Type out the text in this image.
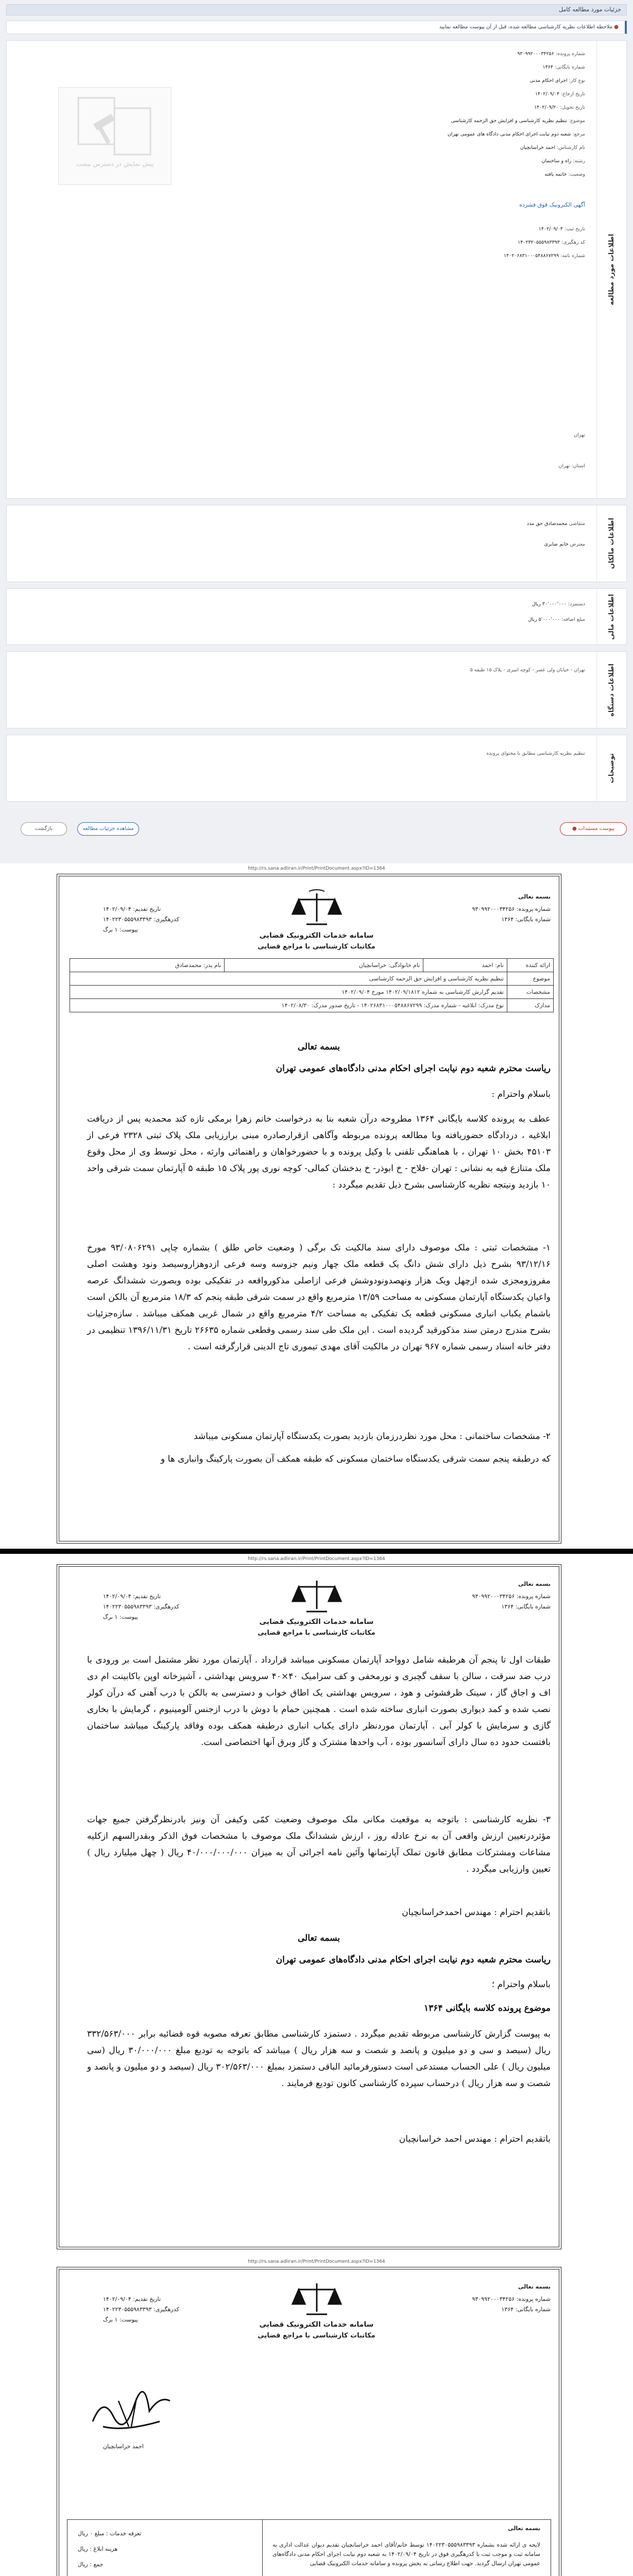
جزئیات مورد مطالعه کامل
● ملاحظه اطلاعات نظریه کارشناسی مطالعه شده، قبل از آن پیوست مطالعه نمایید
اطلاعات مورد مطالعه
شماره پرونده: ۹۳۰۹۹۲۰۰۰۳۴۲۵۶
شماره بایگانی: ۱۳۶۴
نوع کار: اجرای احکام مدنی
تاریخ ارجاع: ۱۴۰۲/۰۹/۰۴
تاریخ تحویل: ۱۴۰۲/۰۹/۲۰
موضوع: تنظیم نظریه کارشناسی و افزایش حق الزحمه کارشناسی
مرجع: شعبه دوم نیابت اجرای احکام مدنی دادگاه های عمومی تهران
نام کارشناس: احمد خراسانچیان
رشته: راه و ساختمان
وضعیت: خاتمه یافته
آگهی الکترونیک فوق فشرده
پیش نمایش در دسترس نیست
تاریخ ثبت: ۱۴۰۲/۰۹/۰۴
کد رهگیری: ۱۴۰۲۳۲۰۵۵۵۹۸۳۳۹۳
شماره نامه: ۱۴۰۲۰۶۸۳۱۰۰۰۵۴۸۸۶۷۲۹۹
تهران
استان: تهران
اطلاعات مالکان
متقاضی محمدصادق حق مدد
معترض خانم صابری
اطلاعات مالی
دستمزد: ۳۰٬۰۰۰٬۰۰۰ ریال
مبلغ اضافه: ۵٬۰۰۰٬۰۰۰ ریال
اطلاعات دستگاه
تهران - خیابان ولی عصر - کوچه امیری - پلاک ۱۵ طبقه ۵
توضیحات
تنظیم نظریه کارشناسی مطابق با محتوای پرونده
پیوست مستندات ●
مشاهده جزئیات مطالعه
بازگشت
http://rs.sana.adliran.ir/Print/PrintDocument.aspx?ID=1364
بسمه تعالی
شماره پرونده: ۹۳۰۹۹۲۰۰۰۳۴۲۵۶
شماره بایگانی: ۱۳۶۴
سامانه خدمات الکترونیک قضایی
مکاتبات کارشناسی با مراجع قضایی
تاریخ تقدیم: ۱۴۰۲/۰۹/۰۴
کدرهگیری: ۱۴۰۲۲۳۰۵۵۵۹۸۳۳۹۳
پیوست: ۱ برگ
ارائه کننده	نام: احمد	نام خانوادگی: خراسانچیان	نام پدر: محمدصادق
موضوع	تنظیم نظریه کارشناسی و افزایش حق الزحمه کارشناسی		
مشخصات	تقدیم گزارش کارشناسی به شماره ۱۴۰۲/۰۹/۱۸۱۲ مورخ ۱۴۰۲/۰۹/۰۴		
مدارک	نوع مدرک: ابلاغیه - شماره مدرک: ۱۴۰۲۶۸۳۱۰۰۰۵۴۸۸۶۷۲۹۹ - تاریخ صدور مدرک: ۱۴۰۲/۰۸/۳۰		
بسمه تعالی
ریاست محترم شعبه دوم نیابت اجرای احکام مدنی دادگاه‌های عمومی تهران
باسلام واحترام :
عطف به پرونده کلاسه بایگانی ۱۳۶۴ مطروحه درآن شعبه بنا به درخواست خانم زهرا برمکی تازه کند محمدیه پس از دریافت ابلاغیه ، دردادگاه حضوریافته وبا مطالعه پرونده مربوطه وآگاهی ازقرارصادره مبنی برارزیابی ملک پلاک ثبتی ۲۳۲۸ فرعی از ۴۵۱۰۳ بخش ۱۰ تهران ، با هماهنگی تلفنی با وکیل پرونده و با حضورخواهان و راهنمائی وارثه ، محل توسط وی از محل وقوع ملک متنازع فیه به نشانی : تهران -فلاح - خ ابوذر- خ بدخشان کمالی- کوچه نوری پور پلاک ۱۵ طبقه ۵ آپارتمان سمت شرقی واحد ۱۰ بازدید ونیتجه نظریه کارشناسی بشرح ذیل تقدیم میگردد :
۱- مشخصات ثبتی : ملک موصوف دارای سند مالکیت تک برگی ( وضعیت خاص طلق ) بشماره چاپی ۹۳/۰۸۰۶۲۹۱ مورخ ۹۳/۱۲/۱۶ بشرح ذیل دارای شش دانگ یک قطعه ملک چهار ونیم جزوسه وسه فرعی ازدوهزاروسیصد ونود وهشت اصلی مفروزومجزی شده ازچهل ویک هزار ونهصدونودوشش فرعی ازاصلی مذکورواقعه در تفکیکی بوده وبصورت ششدانگ عرصه واعیان یکدستگاه آپارتمان مسکونی به مساحت ۱۳/۵۹ مترمربع واقع در سمت شرقی طبقه پنجم که ۱۸/۳ مترمربع آن بالکن است باشمام یکباب انباری مسکونی قطعه یک تفکیکی به مساحت ۴/۲ مترمربع واقع در شمال غربی همکف میباشد . سازه‌جزئیات بشرح مندرج درمتن سند مذکورقید گردیده است . این ملک طی سند رسمی وقطعی شماره ۲۶۶۳۵ تاریخ ۱۳۹۶/۱۱/۳۱ تنظیمی در دفتر خانه اسناد رسمی شماره ۹۶۷ تهران در مالکیت آقای مهدی تیموری تاج الدینی قرارگرفته است .
۲- مشخصات ساختمانی : محل مورد نظردرزمان بازدید بصورت یکدستگاه آپارتمان مسکونی میباشد
که درطبقه پنجم سمت شرقی یکدستگاه ساختمان مسکونی که طبقه همکف آن بصورت پارکینگ وانباری ها و
http://rs.sana.adliran.ir/Print/PrintDocument.aspx?ID=1364
بسمه تعالی
شماره پرونده: ۹۳۰۹۹۲۰۰۰۳۴۲۵۶
شماره بایگانی: ۱۳۶۴
سامانه خدمات الکترونیک قضایی
مکاتبات کارشناسی با مراجع قضایی
تاریخ تقدیم: ۱۴۰۲/۰۹/۰۴
کدرهگیری: ۱۴۰۲۲۳۰۵۵۵۹۸۳۳۹۳
پیوست: ۱ برگ
طبقات اول تا پنجم آن هرطبقه شامل دوواحد آپارتمان مسکونی میباشد قرارداد . آپارتمان مورد نظر مشتمل است بر ورودی با درب ضد سرقت ، سالن با سقف گچبری و نورمخفی و کف سرامیک ۴۰×۴۰ سرویس بهداشتی ، آشپزخانه اوپن باکابینت ام دی اف و اجاق گاز ، سینک ظرفشوئی و هود ، سرویس بهداشتی یک اطاق خواب و دسترسی به بالکن با درب آهنی که درآن کولر نصب شده و کمد دیواری بصورت انباری ساخته شده است . همچنین حمام با دوش با درب ازجنس آلومینیوم ، گرمایش با بخاری گازی و سرمایش با کولر آبی . آپارتمان موردنظر دارای یکباب انباری درطبقه همکف بوده وفاقد پارکینگ میباشد ساختمان بافتست حدود ده سال دارای آسانسور بوده ، آب واحدها مشترک و گاز وبرق آنها اختصاصی است.
۳- نظریه کارشناسی : باتوجه به موقعیت مکانی ملک موصوف وضعیت کمّی وکیفی آن ونیز بادرنظرگرفتن جمیع جهات مؤثردرتعیین ارزش واقعی آن به نرخ عادله روز ، ارزش ششدانگ ملک موصوف با مشخصات فوق الذکر وبقدرالسهم ازکلیه مشاعات ومشترکات مطابق قانون تملک آپارتمانها وآئین نامه اجرائی آن به میزان ۴۰/۰۰۰/۰۰۰/۰۰۰ ریال ( چهل میلیارد ریال ) تعیین وارزیابی میگردد .
باتقدیم احترام : مهندس احمدخراسانچیان
بسمه تعالی
ریاست محترم شعبه دوم نیابت اجرای احکام مدنی دادگاه‌های عمومی تهران
باسلام واحترام ؛
موضوع پرونده کلاسه بایگانی ۱۳۶۴
به پیوست گزارش کارشناسی مربوطه تقدیم میگردد . دستمزد کارشناسی مطابق تعرفه مصوبه قوه قضائیه برابر ۳۳۲/۵۶۳/۰۰۰ ریال (سیصد و سی و دو میلیون و پانصد و شصت و سه هزار ریال ) میباشد که باتوجه به تودیع مبلغ ۳۰/۰۰۰/۰۰۰ ریال (سی میلیون ریال ) علی الحساب مستدعی است دستورفرمائید الباقی دستمزد بمبلغ ۳۰۲/۵۶۳/۰۰۰ ریال (سیصد و دو میلیون و پانصد و شصت و سه هزار ریال ) درحساب سپرده کارشناسی کانون تودیع فرمایند .
باتقدیم احترام : مهندس احمد خراسانچیان
http://rs.sana.adliran.ir/Print/PrintDocument.aspx?ID=1364
بسمه تعالی
شماره پرونده: ۹۳۰۹۹۲۰۰۰۳۴۲۵۶
شماره بایگانی: ۱۳۶۴
سامانه خدمات الکترونیک قضایی
مکاتبات کارشناسی با مراجع قضایی
تاریخ تقدیم: ۱۴۰۲/۰۹/۰۴
کدرهگیری: ۱۴۰۲۲۳۰۵۵۵۹۸۳۳۹۳
پیوست: ۱ برگ
احمد خراسانچیان
بسمه تعالی
لایحه ی ارائه شده بشماره ۱۴۰۲۲۳۰۵۵۵۹۸۳۳۹۳ توسط خانم/آقای احمد خراسانچیان تقدیم دیوان عدالت اداری به سامانه ثبت و موجب ثبت با کدرهگیری فوق در تاریخ ۱۴۰۲/۰۹/۰۴ به شعبه دوم نیابت اجرای احکام مدنی دادگاه‌های عمومی تهران ارسال گردید. جهت اطلاع رسانی به بخش پرونده و سامانه خدمات الکترونیک قضایی
تعرفه خدمات : مبلغ ۰ ریال
هزینه ابلاغ : ریال
جمع : ریال
